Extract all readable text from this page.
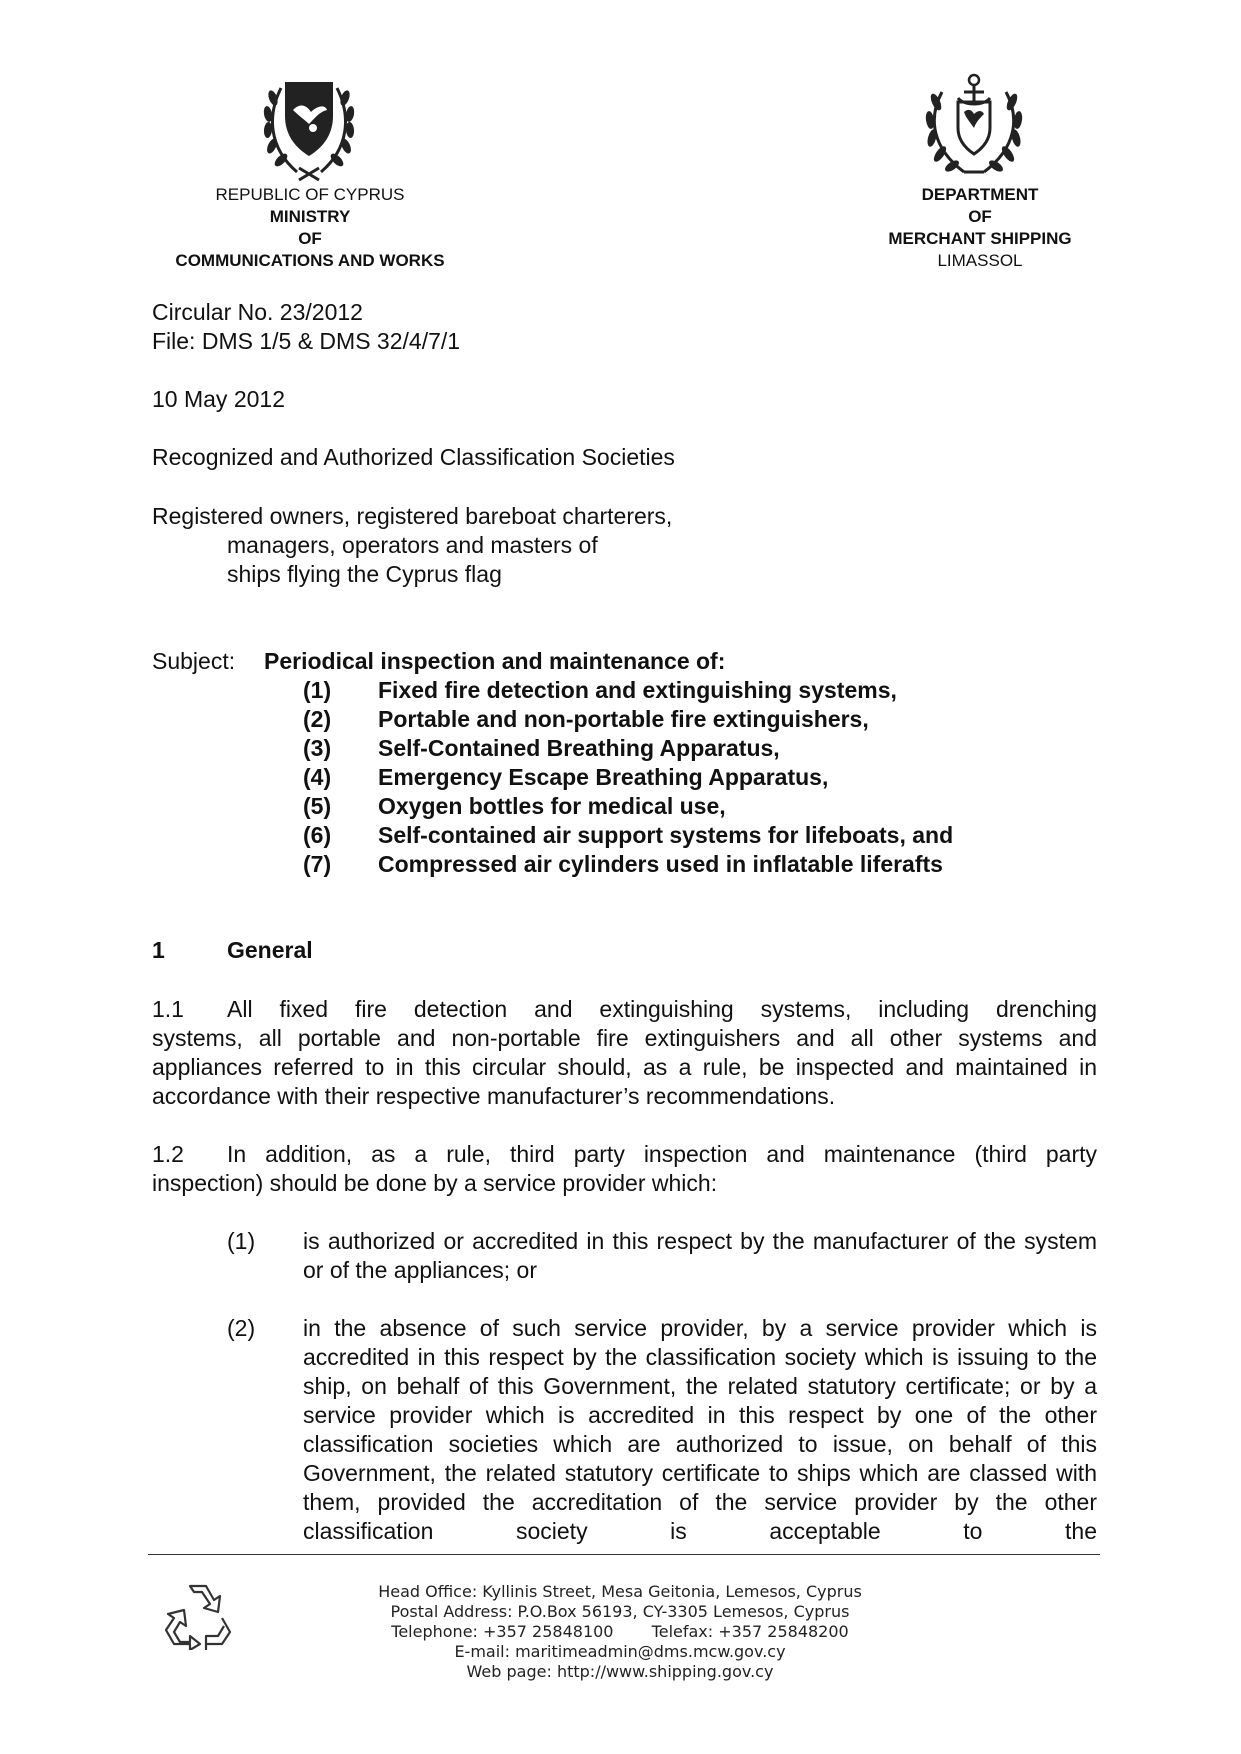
REPUBLIC OF CYPRUS
MINISTRY
OF
COMMUNICATIONS AND WORKS
DEPARTMENT
OF
MERCHANT SHIPPING
LIMASSOL
Circular No. 23/2012
File: DMS 1/5 & DMS 32/4/7/1
10 May 2012
Recognized and Authorized Classification Societies
Registered owners, registered bareboat charterers,
managers, operators and masters of
ships flying the Cyprus flag
Subject: Periodical inspection and maintenance of:
(1) Fixed fire detection and extinguishing systems,
(2) Portable and non-portable fire extinguishers,
(3) Self-Contained Breathing Apparatus,
(4) Emergency Escape Breathing Apparatus,
(5) Oxygen bottles for medical use,
(6) Self-contained air support systems for lifeboats, and
(7) Compressed air cylinders used in inflatable liferafts
1	General
1.1 All fixed fire detection and extinguishing systems, including drenching
systems, all portable and non-portable fire extinguishers and all other systems and appliances referred to in this circular should, as a rule, be inspected and maintained in accordance with their respective manufacturer’s recommendations.
1.2 In addition, as a rule, third party inspection and maintenance (third party
inspection) should be done by a service provider which:
(1) is authorized or accredited in this respect by the manufacturer of the system or of the appliances; or
(2) in the absence of such service provider, by a service provider which is accredited in this respect by the classification society which is issuing to the ship, on behalf of this Government, the related statutory certificate; or by a service provider which is accredited in this respect by one of the other classification societies which are authorized to issue, on behalf of this Government, the related statutory certificate to ships which are classed with them, provided the accreditation of the service provider by the other classification society is acceptable to the
Head Office: Kyllinis Street, Mesa Geitonia, Lemesos, Cyprus
Postal Address: P.O.Box 56193, CY-3305 Lemesos, Cyprus
Telephone: +357 25848100 Telefax: +357 25848200
E-mail: maritimeadmin@dms.mcw.gov.cy
Web page: http://www.shipping.gov.cy
